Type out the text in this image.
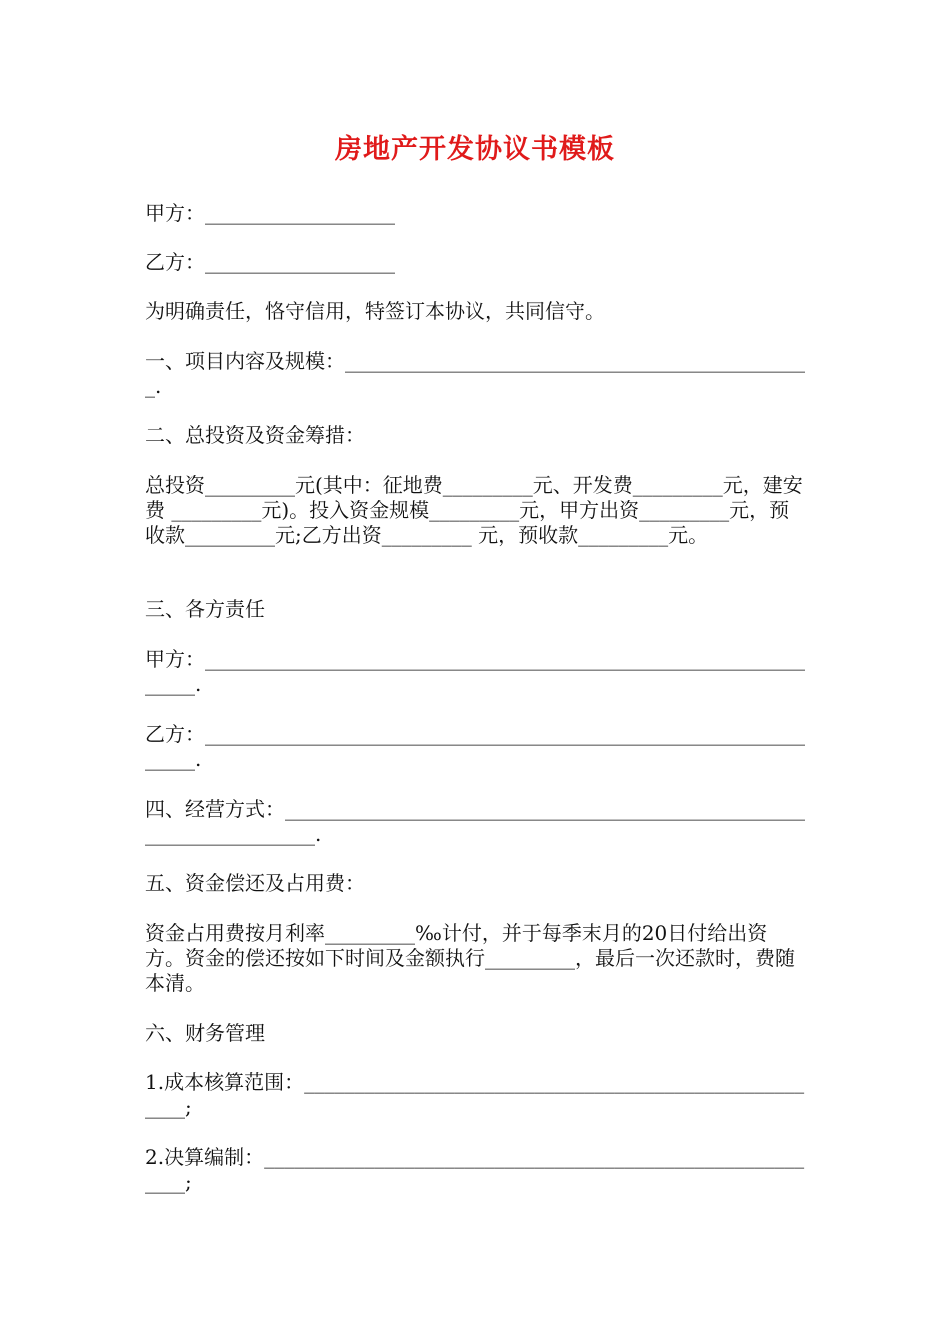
房地产开发协议书模板
甲方：___________________
乙方：___________________
为明确责任，恪守信用，特签订本协议，共同信守。
一、项目内容及规模：_______________________________________________.
二、总投资及资金筹措：
总投资_________元(其中：征地费_________元、开发费_________元，建安费 _________元)。投入资金规模_________元，甲方出资_________元，预收款_________元;乙方出资_________ 元，预收款_________元。
三、各方责任
甲方：_________________________________________________________________.
乙方：_________________________________________________________________.
四、经营方式：_____________________________________________________________________.
五、资金偿还及占用费：
资金占用费按月利率_________‰计付，并于每季末月的20日付给出资方。资金的偿还按如下时间及金额执行_________，最后一次还款时，费随本清。
六、财务管理
1.成本核算范围：______________________________________________________;
2.决算编制：__________________________________________________________;
